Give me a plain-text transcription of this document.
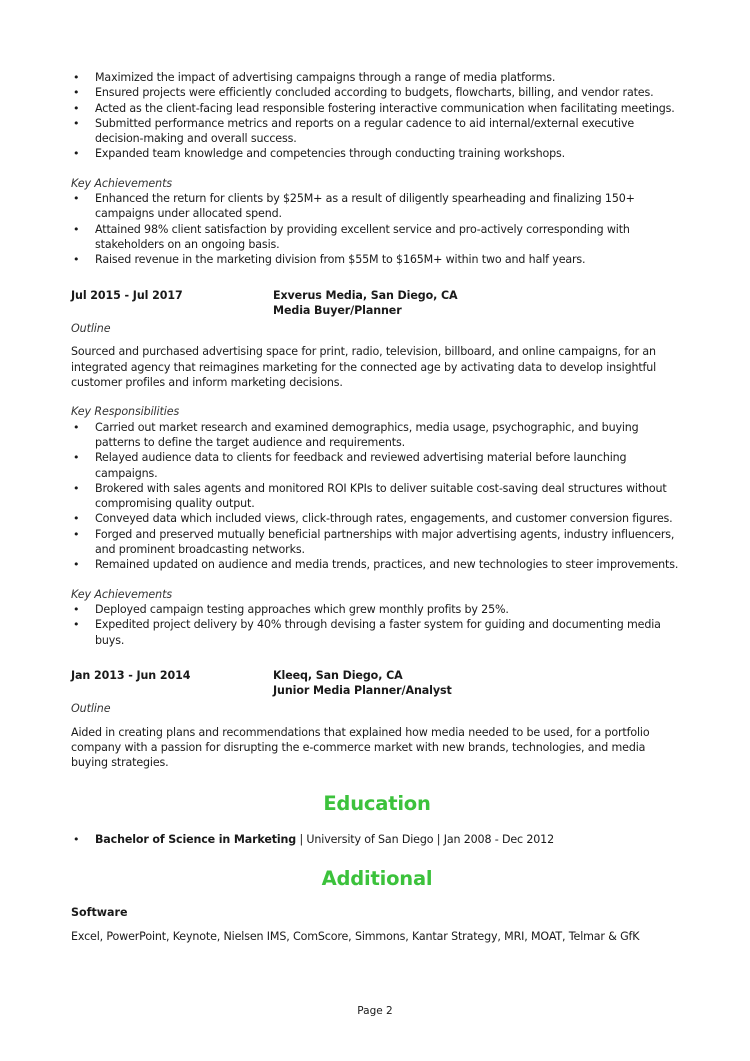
• Maximized the impact of advertising campaigns through a range of media platforms.
• Ensured projects were efficiently concluded according to budgets, flowcharts, billing, and vendor rates.
• Acted as the client-facing lead responsible fostering interactive communication when facilitating meetings.
• Submitted performance metrics and reports on a regular cadence to aid internal/external executive decision-making and overall success.
• Expanded team knowledge and competencies through conducting training workshops.
Key Achievements
• Enhanced the return for clients by $25M+ as a result of diligently spearheading and finalizing 150+ campaigns under allocated spend.
• Attained 98% client satisfaction by providing excellent service and pro-actively corresponding with stakeholders on an ongoing basis.
• Raised revenue in the marketing division from $55M to $165M+ within two and half years.
Jul 2015 - Jul 2017	Exverus Media, San Diego, CA
Media Buyer/Planner
Outline

Sourced and purchased advertising space for print, radio, television, billboard, and online campaigns, for an integrated agency that reimagines marketing for the connected age by activating data to develop insightful customer profiles and inform marketing decisions.

Key Responsibilities
• Carried out market research and examined demographics, media usage, psychographic, and buying patterns to define the target audience and requirements.
• Relayed audience data to clients for feedback and reviewed advertising material before launching campaigns.
• Brokered with sales agents and monitored ROI KPIs to deliver suitable cost-saving deal structures without compromising quality output.
• Conveyed data which included views, click-through rates, engagements, and customer conversion figures.
• Forged and preserved mutually beneficial partnerships with major advertising agents, industry influencers, and prominent broadcasting networks.
• Remained updated on audience and media trends, practices, and new technologies to steer improvements.
Key Achievements
• Deployed campaign testing approaches which grew monthly profits by 25%.
• Expedited project delivery by 40% through devising a faster system for guiding and documenting media buys.
Jan 2013 - Jun 2014	Kleeq, San Diego, CA
Junior Media Planner/Analyst
Outline

Aided in creating plans and recommendations that explained how media needed to be used, for a portfolio company with a passion for disrupting the e-commerce market with new brands, technologies, and media buying strategies.

Education
• Bachelor of Science in Marketing | University of San Diego | Jan 2008 - Dec 2012
Additional
Software

Excel, PowerPoint, Keynote, Nielsen IMS, ComScore, Simmons, Kantar Strategy, MRI, MOAT, Telmar & GfK

Page 2
